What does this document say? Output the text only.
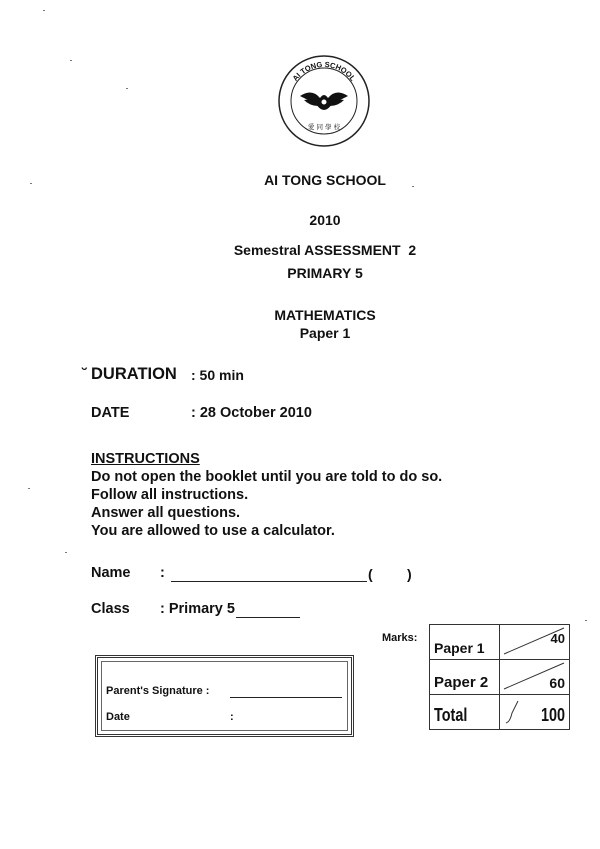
AI TONG SCHOOL
愛 同 學 校
AI TONG SCHOOL
2010
Semestral ASSESSMENT  2
PRIMARY 5
MATHEMATICS
Paper 1
˘ DURATION : 50 min
DATE	: 28 October 2010
INSTRUCTIONS
Do not open the booklet until you are told to do so.
Follow all instructions.
Answer all questions.
You are allowed to use a calculator.
Name :	( )
Class : Primary 5
Parent's Signature :
Date	:
Marks:
Paper 1	40
Paper 2	60
Total	100
